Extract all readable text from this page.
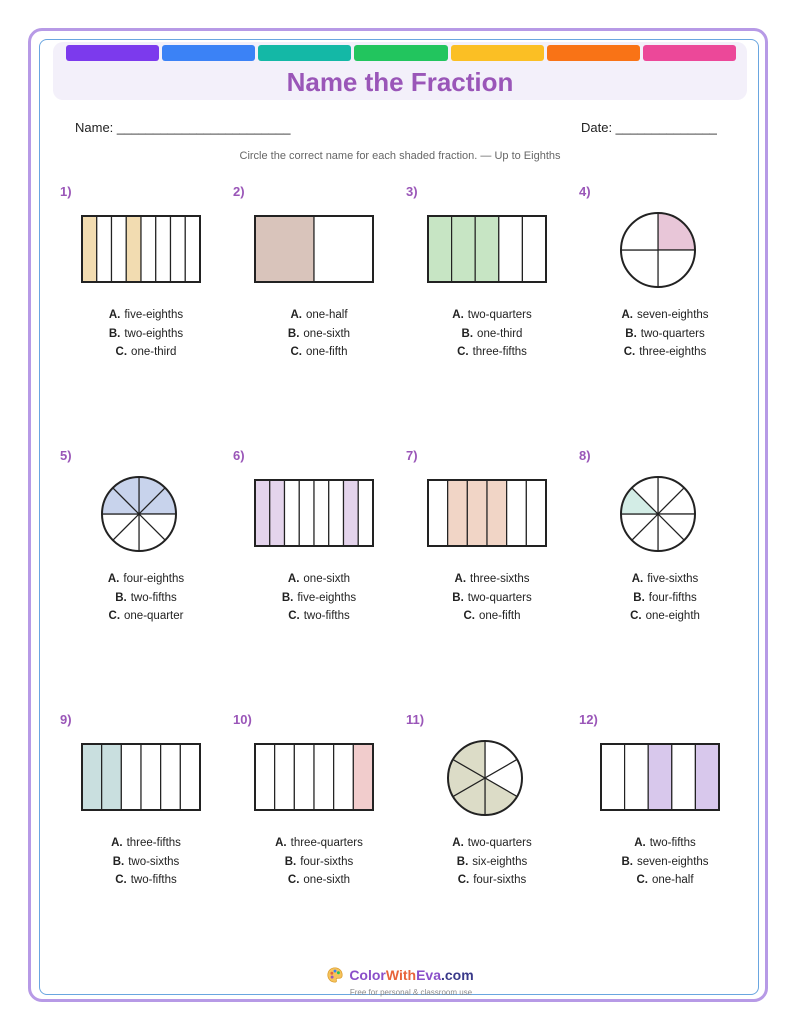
Name the Fraction
Name: ________________________	Date: ______________
Circle the correct name for each shaded fraction. — Up to Eighths
1)
A. five-eighths
B. two-eighths
C. one-third
2)
A. one-half
B. one-sixth
C. one-fifth
3)
A. two-quarters
B. one-third
C. three-fifths
4)
A. seven-eighths
B. two-quarters
C. three-eighths
5)
A. four-eighths
B. two-fifths
C. one-quarter
6)
A. one-sixth
B. five-eighths
C. two-fifths
7)
A. three-sixths
B. two-quarters
C. one-fifth
8)
A. five-sixths
B. four-fifths
C. one-eighth
9)
A. three-fifths
B. two-sixths
C. two-fifths
10)
A. three-quarters
B. four-sixths
C. one-sixth
11)
A. two-quarters
B. six-eighths
C. four-sixths
12)
A. two-fifths
B. seven-eighths
C. one-half
ColorWithEva.com
Free for personal & classroom use
